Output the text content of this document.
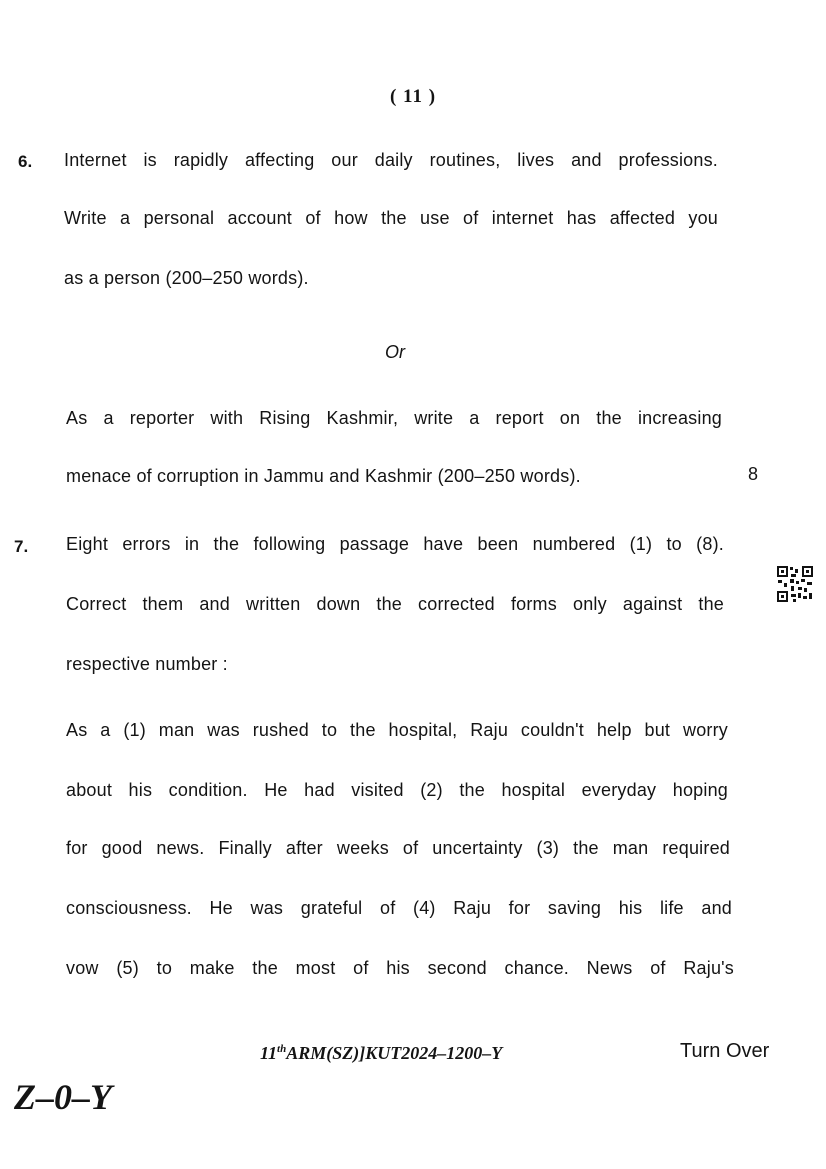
( 11 )
6. Internet is rapidly affecting our daily routines, lives and professions.
Write a personal account of how the use of internet has affected you
as a person (200–250 words).
Or
As a reporter with Rising Kashmir, write a report on the increasing
menace of corruption in Jammu and Kashmir (200–250 words).	8
7. Eight errors in the following passage have been numbered (1) to (8).
Correct them and written down the corrected forms only against the
respective number :
As a (1) man was rushed to the hospital, Raju couldn't help but worry
about his condition. He had visited (2) the hospital everyday hoping
for good news. Finally after weeks of uncertainty (3) the man required
consciousness. He was grateful of (4) Raju for saving his life and
vow (5) to make the most of his second chance. News of Raju's
11thARM(SZ)]KUT2024–1200–Y	Turn Over
Z–0–Y
